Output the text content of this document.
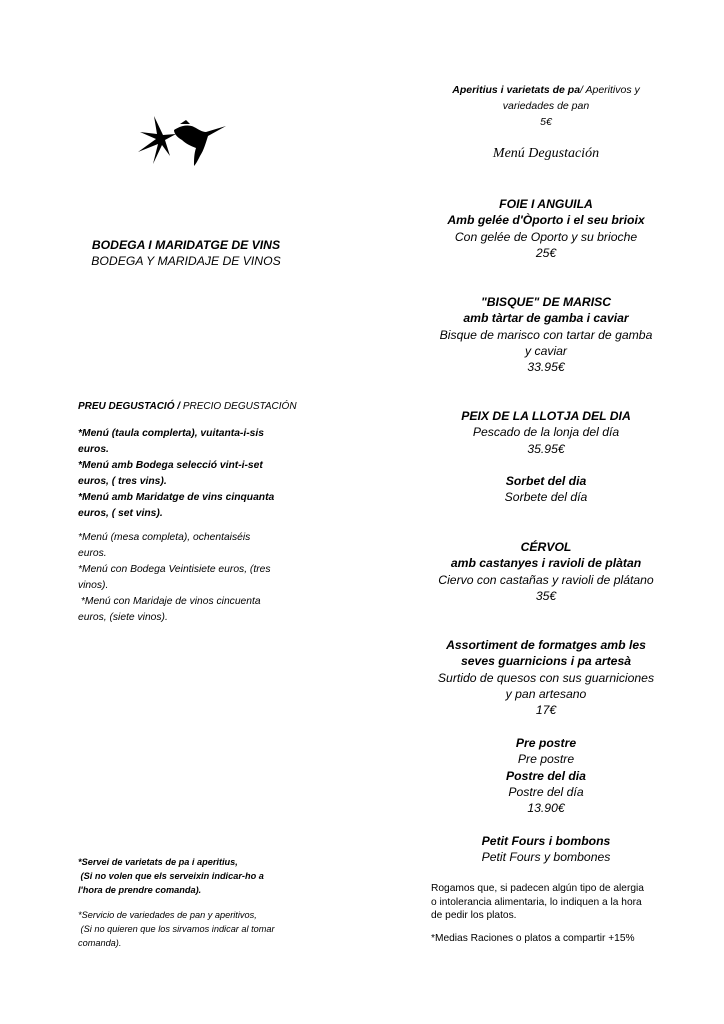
BODEGA I MARIDATGE DE VINS
BODEGA Y MARIDAJE DE VINOS
PREU DEGUSTACIÓ / PRECIO DEGUSTACIÓN
*Menú (taula complerta), vuitanta-i-sis
euros.
*Menú amb Bodega selecció vint-i-set
euros, ( tres vins).
*Menú amb Maridatge de vins cinquanta
euros, ( set vins).
*Menú (mesa completa), ochentaiséis
euros.
*Menú con Bodega Veintisiete euros, (tres
vinos).
*Menú con Maridaje de vinos cincuenta
euros, (siete vinos).
*Servei de varietats de pa i aperitius,
(Si no volen que els serveixin indicar-ho a
l'hora de prendre comanda).
*Servicio de variedades de pan y aperitivos,
(Si no quieren que los sirvamos indicar al tomar
comanda).
Aperitius i varietats de pa/ Aperitivos y
variedades de pan
5€
Menú Degustación
FOIE I ANGUILA
Amb gelée d'Òporto i el seu brioix
Con gelée de Oporto y su brioche
25€
"BISQUE" DE MARISC
amb tàrtar de gamba i caviar
Bisque de marisco con tartar de gamba
y caviar
33.95€
PEIX DE LA LLOTJA DEL DIA
Pescado de la lonja del día
35.95€
Sorbet del dia
Sorbete del día
CÉRVOL
amb castanyes i ravioli de plàtan
Ciervo con castañas y ravioli de plátano
35€
Assortiment de formatges amb les
seves guarnicions i pa artesà
Surtido de quesos con sus guarniciones
y pan artesano
17€
Pre postre
Pre postre
Postre del dia
Postre del día
13.90€
Petit Fours i bombons
Petit Fours y bombones
Rogamos que, si padecen algún tipo de alergia
o intolerancia alimentaria, lo indiquen a la hora
de pedir los platos.
*Medias Raciones o platos a compartir +15%
